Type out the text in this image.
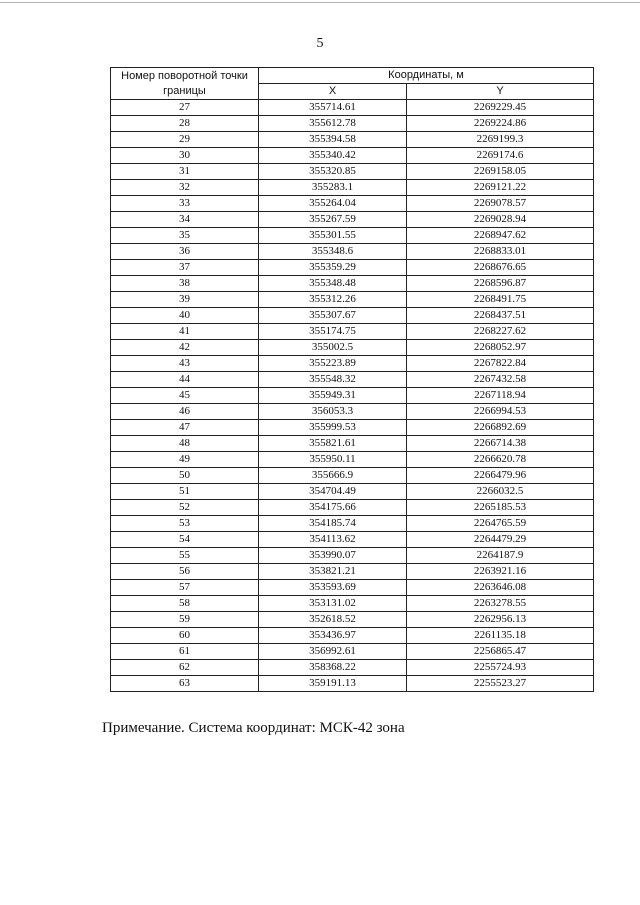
5
Номер поворотной точки границы	Координаты, м	
	X	Y
27	355714.61	2269229.45
28	355612.78	2269224.86
29	355394.58	2269199.3
30	355340.42	2269174.6
31	355320.85	2269158.05
32	355283.1	2269121.22
33	355264.04	2269078.57
34	355267.59	2269028.94
35	355301.55	2268947.62
36	355348.6	2268833.01
37	355359.29	2268676.65
38	355348.48	2268596.87
39	355312.26	2268491.75
40	355307.67	2268437.51
41	355174.75	2268227.62
42	355002.5	2268052.97
43	355223.89	2267822.84
44	355548.32	2267432.58
45	355949.31	2267118.94
46	356053.3	2266994.53
47	355999.53	2266892.69
48	355821.61	2266714.38
49	355950.11	2266620.78
50	355666.9	2266479.96
51	354704.49	2266032.5
52	354175.66	2265185.53
53	354185.74	2264765.59
54	354113.62	2264479.29
55	353990.07	2264187.9
56	353821.21	2263921.16
57	353593.69	2263646.08
58	353131.02	2263278.55
59	352618.52	2262956.13
60	353436.97	2261135.18
61	356992.61	2256865.47
62	358368.22	2255724.93
63	359191.13	2255523.27
Примечание. Система координат: МСК-42 зона
